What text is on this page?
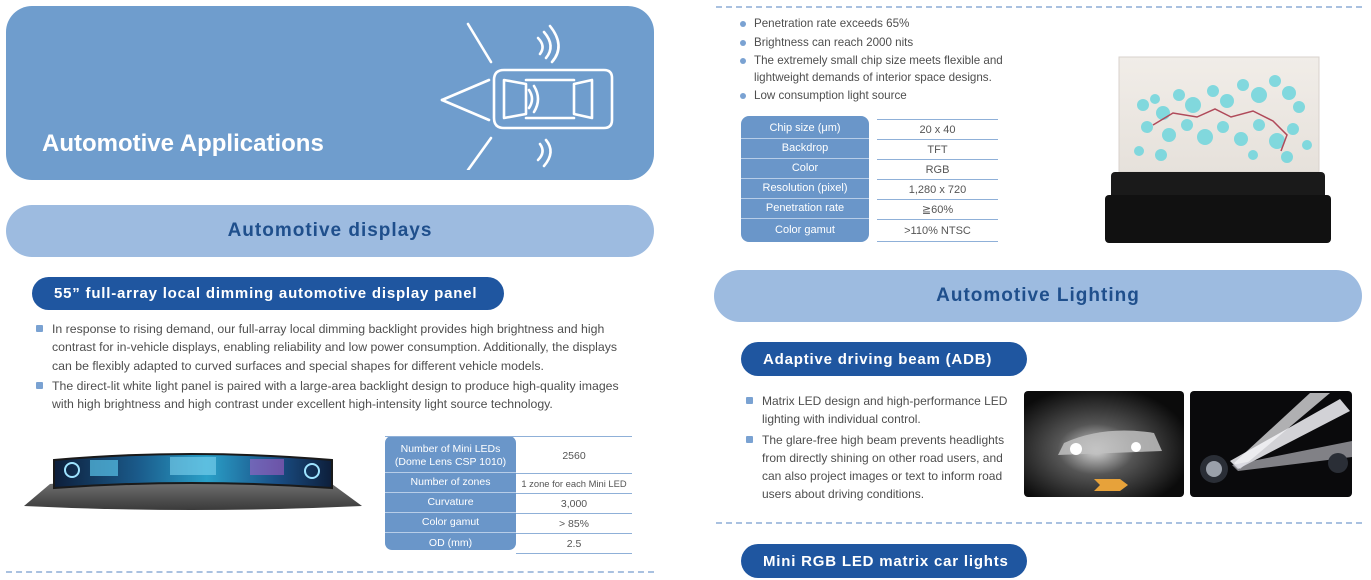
Automotive Applications
Automotive displays
55” full-array local dimming automotive display panel
In response to rising demand, our full-array local dimming backlight provides high brightness and high contrast for in-vehicle displays, enabling reliability and low power consumption. Additionally, the displays can be flexibly adapted to curved surfaces and special shapes for different vehicle models.
The direct-lit white light panel is paired with a large-area backlight design to produce high-quality images with high brightness and high contrast under excellent high-intensity light source technology.
Number of Mini LEDs (Dome Lens CSP 1010)	2560
Number of zones	1 zone for each Mini LED
Curvature	3,000
Color gamut	> 85%
OD (mm)	2.5
Penetration rate exceeds 65%
Brightness can reach 2000 nits
The extremely small chip size meets flexible and lightweight demands of interior space designs.
Low consumption light source
Chip size (μm)	20 x 40
Backdrop	TFT
Color	RGB
Resolution (pixel)	1,280 x 720
Penetration rate	≧60%
Color gamut	>110% NTSC
Automotive Lighting
Adaptive driving beam (ADB)
Matrix LED design and high-performance LED lighting with individual control.
The glare-free high beam prevents headlights from directly shining on other road users, and can also project images or text to inform road users about driving conditions.
Mini RGB LED matrix car lights
